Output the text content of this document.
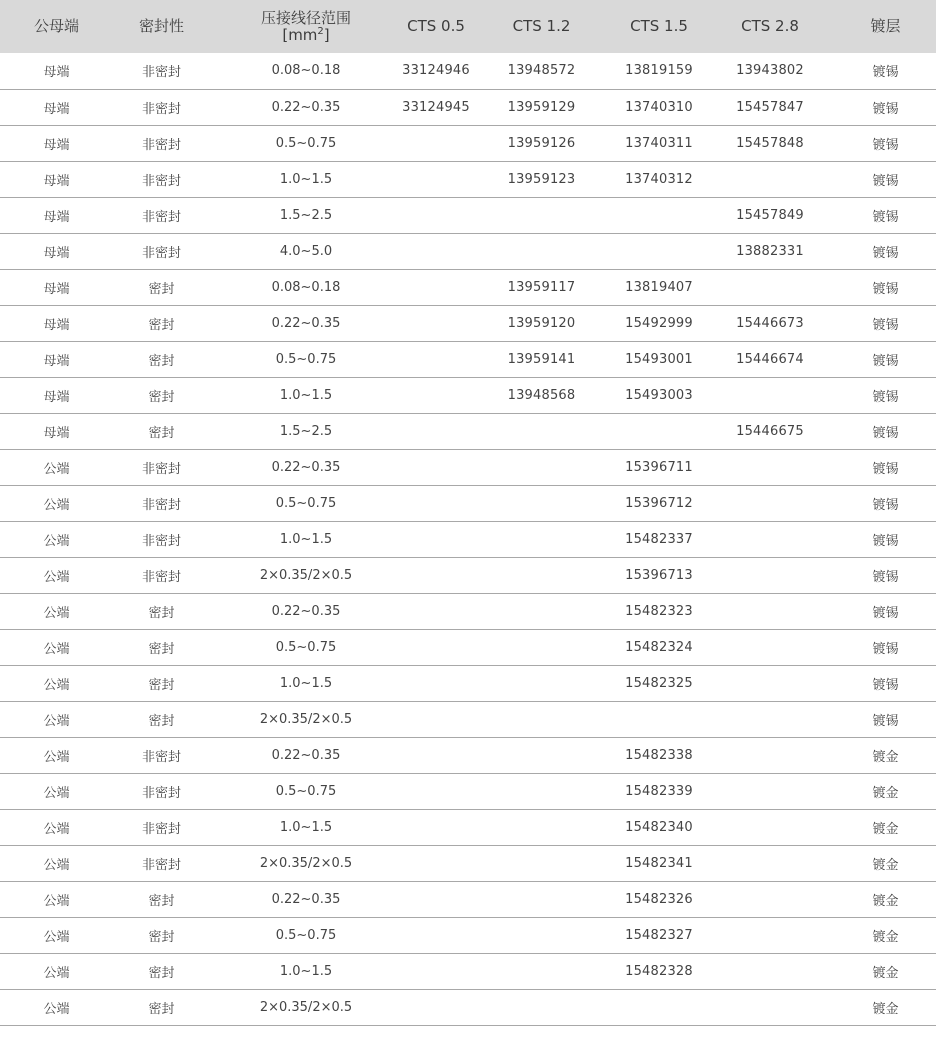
公母端	密封性	压接线径范围
$[mm^2]$	CTS 0.5	CTS 1.2	CTS 1.5	CTS 2.8	镀层
母端	非密封	0.08~0.18	33124946	13948572	13819159	13943802	镀锡
母端	非密封	0.22~0.35	33124945	13959129	13740310	15457847	镀锡
母端	非密封	0.5~0.75		13959126	13740311	15457848	镀锡
母端	非密封	1.0~1.5		13959123	13740312		镀锡
母端	非密封	1.5~2.5				15457849	镀锡
母端	非密封	4.0~5.0				13882331	镀锡
母端	密封	0.08~0.18		13959117	13819407		镀锡
母端	密封	0.22~0.35		13959120	15492999	15446673	镀锡
母端	密封	0.5~0.75		13959141	15493001	15446674	镀锡
母端	密封	1.0~1.5		13948568	15493003		镀锡
母端	密封	1.5~2.5				15446675	镀锡
公端	非密封	0.22~0.35			15396711		镀锡
公端	非密封	0.5~0.75			15396712		镀锡
公端	非密封	1.0~1.5			15482337		镀锡
公端	非密封	2×0.35/2×0.5			15396713		镀锡
公端	密封	0.22~0.35			15482323		镀锡
公端	密封	0.5~0.75			15482324		镀锡
公端	密封	1.0~1.5			15482325		镀锡
公端	密封	2×0.35/2×0.5					镀锡
公端	非密封	0.22~0.35			15482338		镀金
公端	非密封	0.5~0.75			15482339		镀金
公端	非密封	1.0~1.5			15482340		镀金
公端	非密封	2×0.35/2×0.5			15482341		镀金
公端	密封	0.22~0.35			15482326		镀金
公端	密封	0.5~0.75			15482327		镀金
公端	密封	1.0~1.5			15482328		镀金
公端	密封	2×0.35/2×0.5					镀金
